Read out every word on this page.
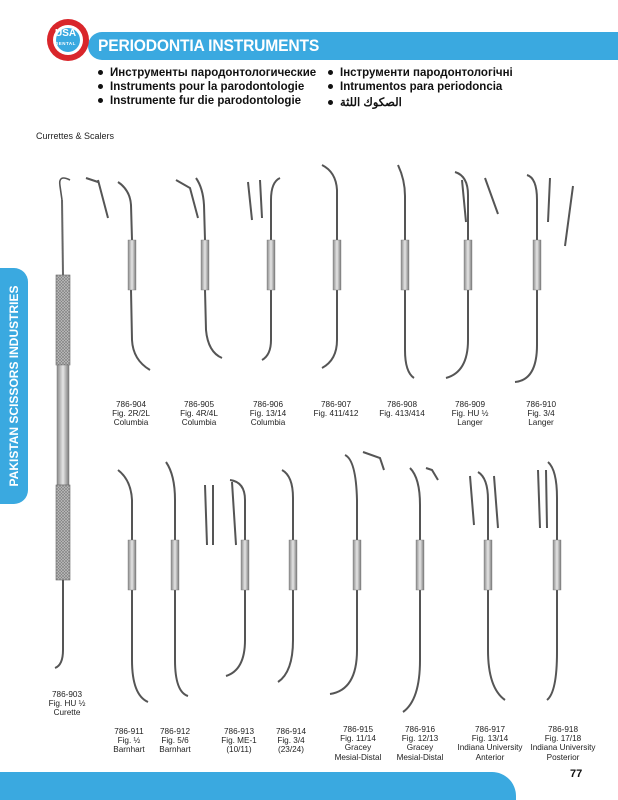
PERIODONTIA INSTRUMENTS
USA
DENTAL
Инструменты пародонтологические
Instruments pour la parodontologie
Instrumente fur die parodontologie
Інструменти пародонтологічні
Intrumentos para periodoncia
الصكوك اللثة
PAKISTAN SCISSORS INDUSTRIES
Currettes & Scalers
786-903
Fig. HU ½
Curette
786-904
Fig. 2R/2L
Columbia
786-905
Fig. 4R/4L
Columbia
786-906
Fig. 13/14
Columbia
786-907
Fig. 411/412
786-908
Fig. 413/414
786-909
Fig. HU ½
Langer
786-910
Fig. 3/4
Langer
786-911
Fig. ½
Barnhart
786-912
Fig. 5/6
Barnhart
786-913
Fig. ME-1
(10/11)
786-914
Fig. 3/4
(23/24)
786-915
Fig. 11/14
Gracey
Mesial-Distal
786-916
Fig. 12/13
Gracey
Mesial-Distal
786-917
Fig. 13/14
Indiana University
Anterior
786-918
Fig. 17/18
Indiana University
Posterior
77
